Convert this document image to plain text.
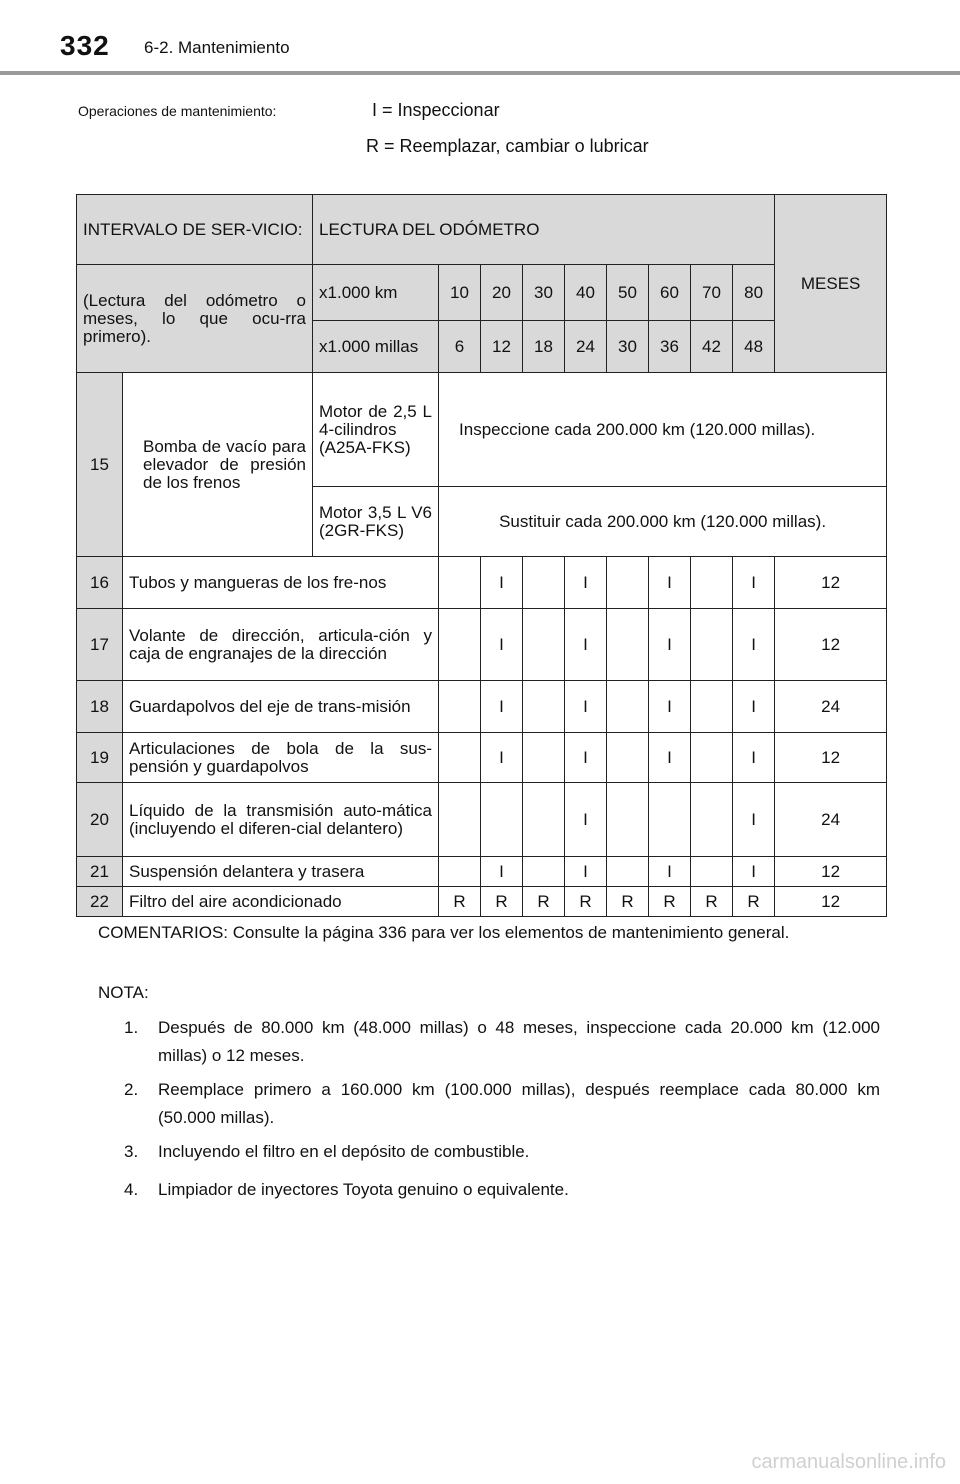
332 6-2. Mantenimiento
Operaciones de mantenimiento:	I = Inspeccionar
R = Reemplazar, cambiar o lubricar
INTERVALO DE SER-VICIO:		LECTURA DEL ODÓMETRO									MESES
(Lectura del odómetro o meses, lo que ocu-rra primero).		x1.000 km	10	20	30	40	50	60	70	80	
		x1.000 millas	6	12	18	24	30	36	42	48	
15	Bomba de vacío para elevador de presión de los frenos	Motor de 2,5 L 4-cilindros (A25A-FKS)	Inspeccione cada 200.000 km (120.000 millas).								
		Motor 3,5 L V6 (2GR-FKS)	Sustituir cada 200.000 km (120.000 millas).								
16	Tubos y mangueras de los fre-nos			I		I		I		I	12
17	Volante de dirección, articula-ción y caja de engranajes de la dirección			I		I		I		I	12
18	Guardapolvos del eje de trans-misión			I		I		I		I	24
19	Articulaciones de bola de la sus-pensión y guardapolvos			I		I		I		I	12
20	Líquido de la transmisión auto-mática (incluyendo el diferen-cial delantero)					I				I	24
21	Suspensión delantera y trasera			I		I		I		I	12
22	Filtro del aire acondicionado		R	R	R	R	R	R	R	R	12
COMENTARIOS: Consulte la página 336 para ver los elementos de mantenimiento general.
NOTA:
1. Después de 80.000 km (48.000 millas) o 48 meses, inspeccione cada 20.000 km (12.000 millas) o 12 meses.
2. Reemplace primero a 160.000 km (100.000 millas), después reemplace cada 80.000 km (50.000 millas).
3. Incluyendo el filtro en el depósito de combustible.
4. Limpiador de inyectores Toyota genuino o equivalente.
carmanualsonline.info
